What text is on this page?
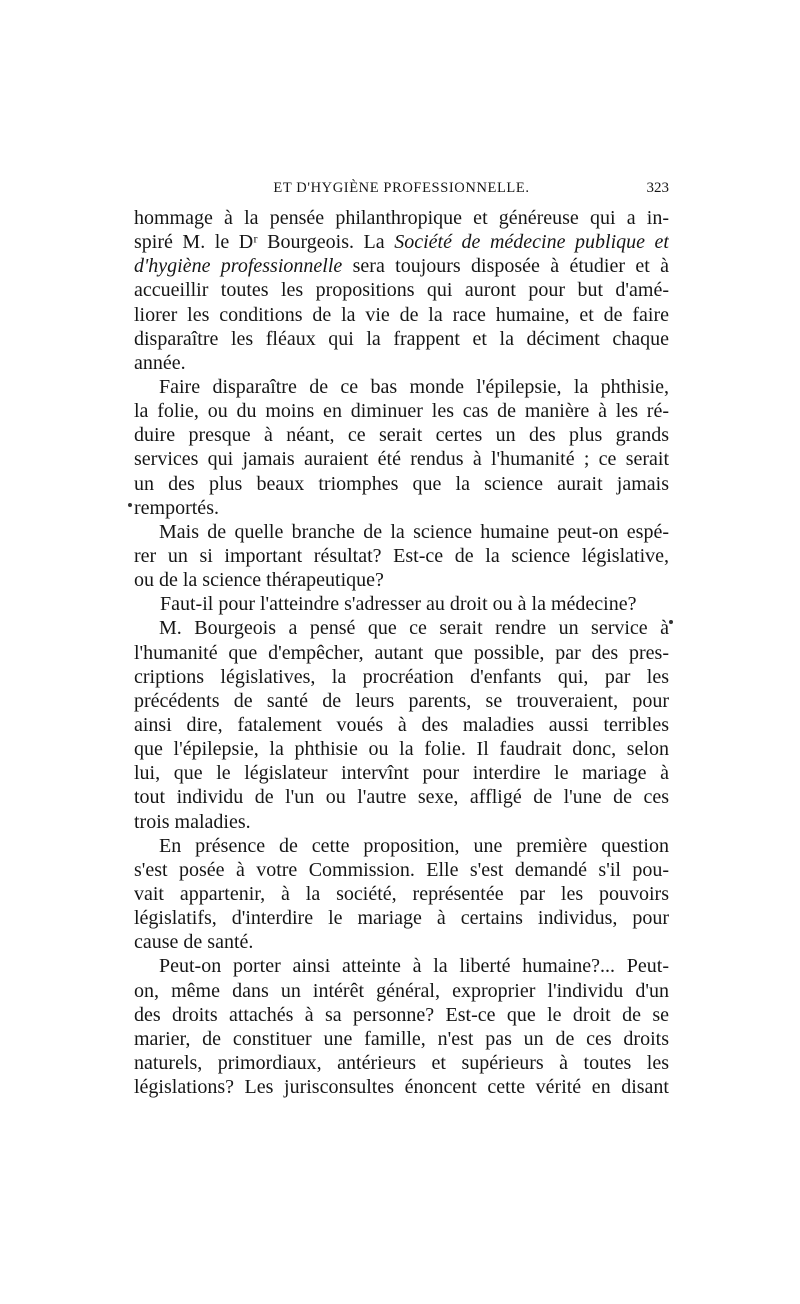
ET D'HYGIÈNE PROFESSIONNELLE.	323
hommage à la pensée philanthropique et généreuse qui a in-
spiré M. le Dʳ Bourgeois. La Société de médecine publique et
d'hygiène professionnelle sera toujours disposée à étudier et à
accueillir toutes les propositions qui auront pour but d'amé-
liorer les conditions de la vie de la race humaine, et de faire
disparaître les fléaux qui la frappent et la déciment chaque
année.
Faire disparaître de ce bas monde l'épilepsie, la phthisie,
la folie, ou du moins en diminuer les cas de manière à les ré-
duire presque à néant, ce serait certes un des plus grands
services qui jamais auraient été rendus à l'humanité ; ce serait
un des plus beaux triomphes que la science aurait jamais
remportés.
Mais de quelle branche de la science humaine peut-on espé-
rer un si important résultat? Est-ce de la science législative,
ou de la science thérapeutique?
Faut-il pour l'atteindre s'adresser au droit ou à la médecine?
M. Bourgeois a pensé que ce serait rendre un service à
l'humanité que d'empêcher, autant que possible, par des pres-
criptions législatives, la procréation d'enfants qui, par les
précédents de santé de leurs parents, se trouveraient, pour
ainsi dire, fatalement voués à des maladies aussi terribles
que l'épilepsie, la phthisie ou la folie. Il faudrait donc, selon
lui, que le législateur intervînt pour interdire le mariage à
tout individu de l'un ou l'autre sexe, affligé de l'une de ces
trois maladies.
En présence de cette proposition, une première question
s'est posée à votre Commission. Elle s'est demandé s'il pou-
vait appartenir, à la société, représentée par les pouvoirs
législatifs, d'interdire le mariage à certains individus, pour
cause de santé.
Peut-on porter ainsi atteinte à la liberté humaine?... Peut-
on, même dans un intérêt général, exproprier l'individu d'un
des droits attachés à sa personne? Est-ce que le droit de se
marier, de constituer une famille, n'est pas un de ces droits
naturels, primordiaux, antérieurs et supérieurs à toutes les
législations? Les jurisconsultes énoncent cette vérité en disant
